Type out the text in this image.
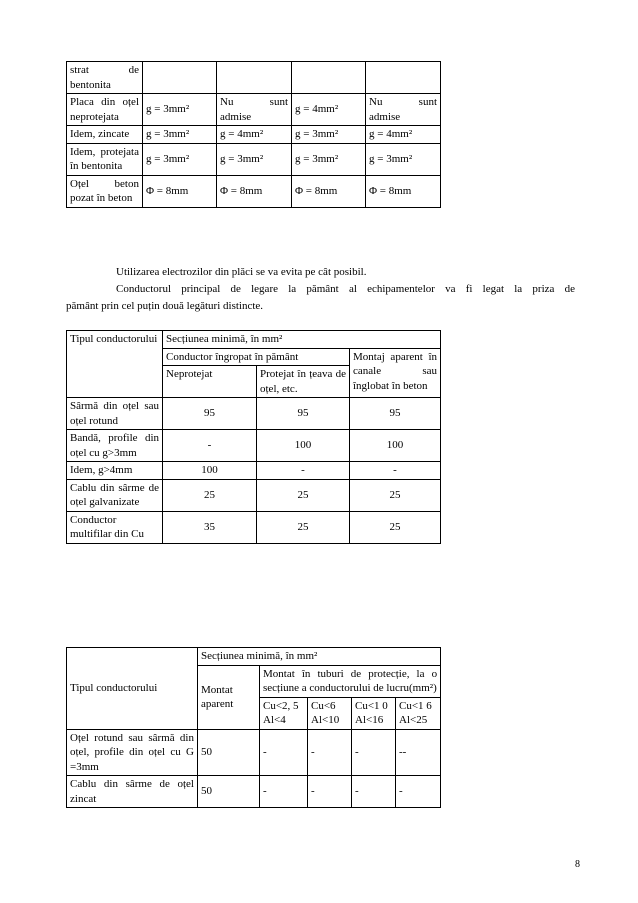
strat de bentonita				
Placa din oțel neprotejata	g = 3mm²	Nu sunt admise	g = 4mm²	Nu sunt admise
Idem, zincate	g = 3mm²	g = 4mm²	g = 3mm²	g = 4mm²
Idem, protejata în bentonita	g = 3mm²	g = 3mm²	g = 3mm²	g = 3mm²
Oțel beton pozat în beton	Φ = 8mm	Φ = 8mm	Φ = 8mm	Φ = 8mm

Utilizarea electrozilor din plăci se va evita pe cât posibil.

Conductorul principal de legare la pământ al echipamentelor va fi legat la priza de

pământ prin cel puțin două legături distincte.

Tipul conductorului	Secțiunea minimă, în mm²		
	Conductor îngropat în pământ		Montaj aparent în canale sau înglobat în beton
	Neprotejat	Protejat în țeava de oțel, etc.	
Sârmă din oțel sau oțel rotund	95	95	95
Bandă, profile din oțel cu g>3mm	-	100	100
Idem, g>4mm	100	-	-
Cablu din sârme de oțel galvanizate	25	25	25
Conductor multifilar din Cu	35	25	25
Tipul conductorului	Secțiunea minimă, în mm²				
	Montat aparent	Montat în tuburi de protecție, la o secțiune a conductorului de lucru(mm²)			
		Cu<2, 5 Al<4	Cu<6 Al<10	Cu<1 0 Al<16	Cu<1 6 Al<25
Oțel rotund sau sârmă din oțel, profile din oțel cu G =3mm	50	-	-	-	--
Cablu din sârme de oțel zincat	50	-	-	-	-
8
